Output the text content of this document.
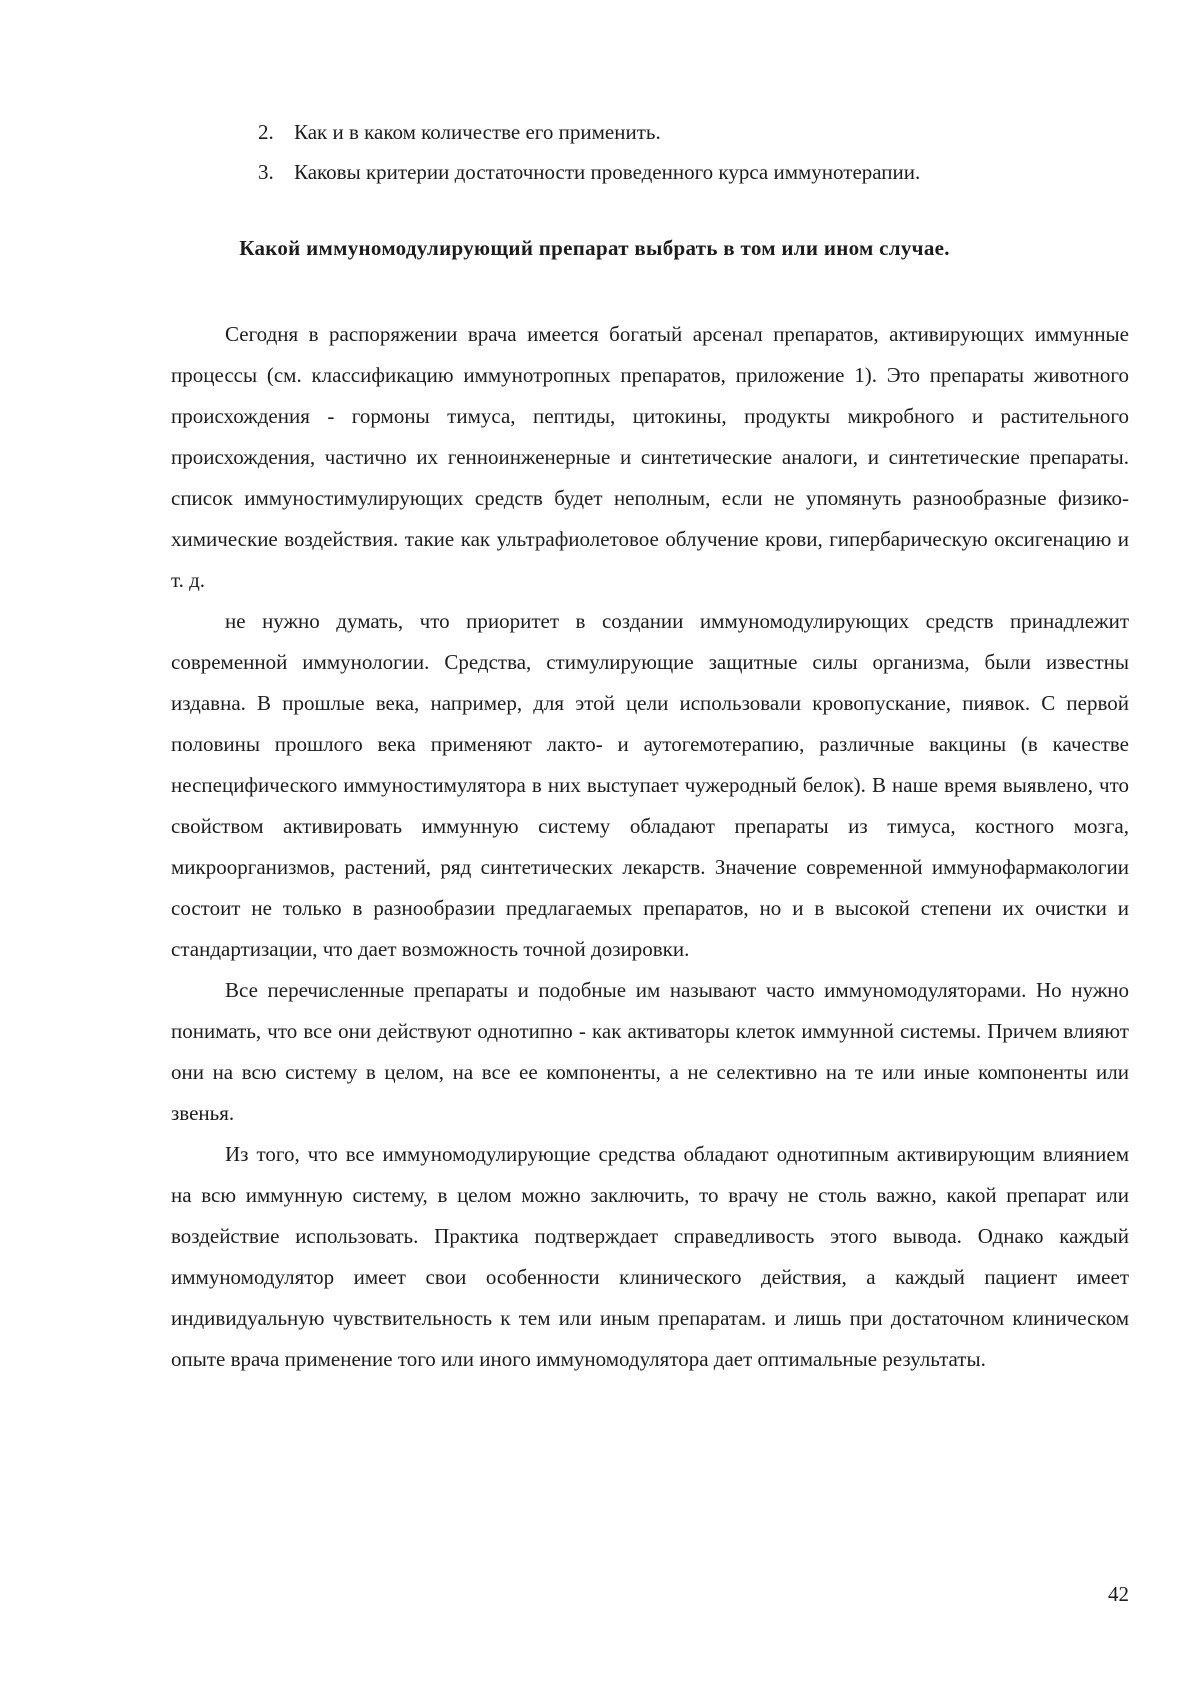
2. Как и в каком количестве его применить.
3. Каковы критерии достаточности проведенного курса иммунотерапии.
Какой иммуномодулирующий препарат выбрать в том или ином случае.

Сегодня в распоряжении врача имеется богатый арсенал препаратов, активирующих иммунные процессы (см. классификацию иммунотропных препаратов, приложение 1). Это препараты животного происхождения - гормоны тимуса, пептиды, цитокины, продукты микробного и растительного происхождения, частично их генноинженерные и синтетические аналоги, и синтетические препараты. список иммуностимулирующих средств будет неполным, если не упомянуть разнообразные физико-химические воздействия. такие как ультрафиолетовое облучение крови, гипербарическую оксигенацию и т. д.

не нужно думать, что приоритет в создании иммуномодулирующих средств принадлежит современной иммунологии. Средства, стимулирующие защитные силы организма, были известны издавна. В прошлые века, например, для этой цели использовали кровопускание, пиявок. С первой половины прошлого века применяют лакто- и аутогемотерапию, различные вакцины (в качестве неспецифического иммуностимулятора в них выступает чужеродный белок). В наше время выявлено, что свойством активировать иммунную систему обладают препараты из тимуса, костного мозга, микроорганизмов, растений, ряд синтетических лекарств. Значение современной иммунофармакологии состоит не только в разнообразии предлагаемых препаратов, но и в высокой степени их очистки и стандартизации, что дает возможность точной дозировки.

Все перечисленные препараты и подобные им называют часто иммуномодуляторами. Но нужно понимать, что все они действуют однотипно - как активаторы клеток иммунной системы. Причем влияют они на всю систему в целом, на все ее компоненты, а не селективно на те или иные компоненты или звенья.

Из того, что все иммуномодулирующие средства обладают однотипным активирующим влиянием на всю иммунную систему, в целом можно заключить, то врачу не столь важно, какой препарат или воздействие использовать. Практика подтверждает справедливость этого вывода. Однако каждый иммуномодулятор имеет свои особенности клинического действия, а каждый пациент имеет индивидуальную чувствительность к тем или иным препаратам. и лишь при достаточном клиническом опыте врача применение того или иного иммуномодулятора дает оптимальные результаты.

42
